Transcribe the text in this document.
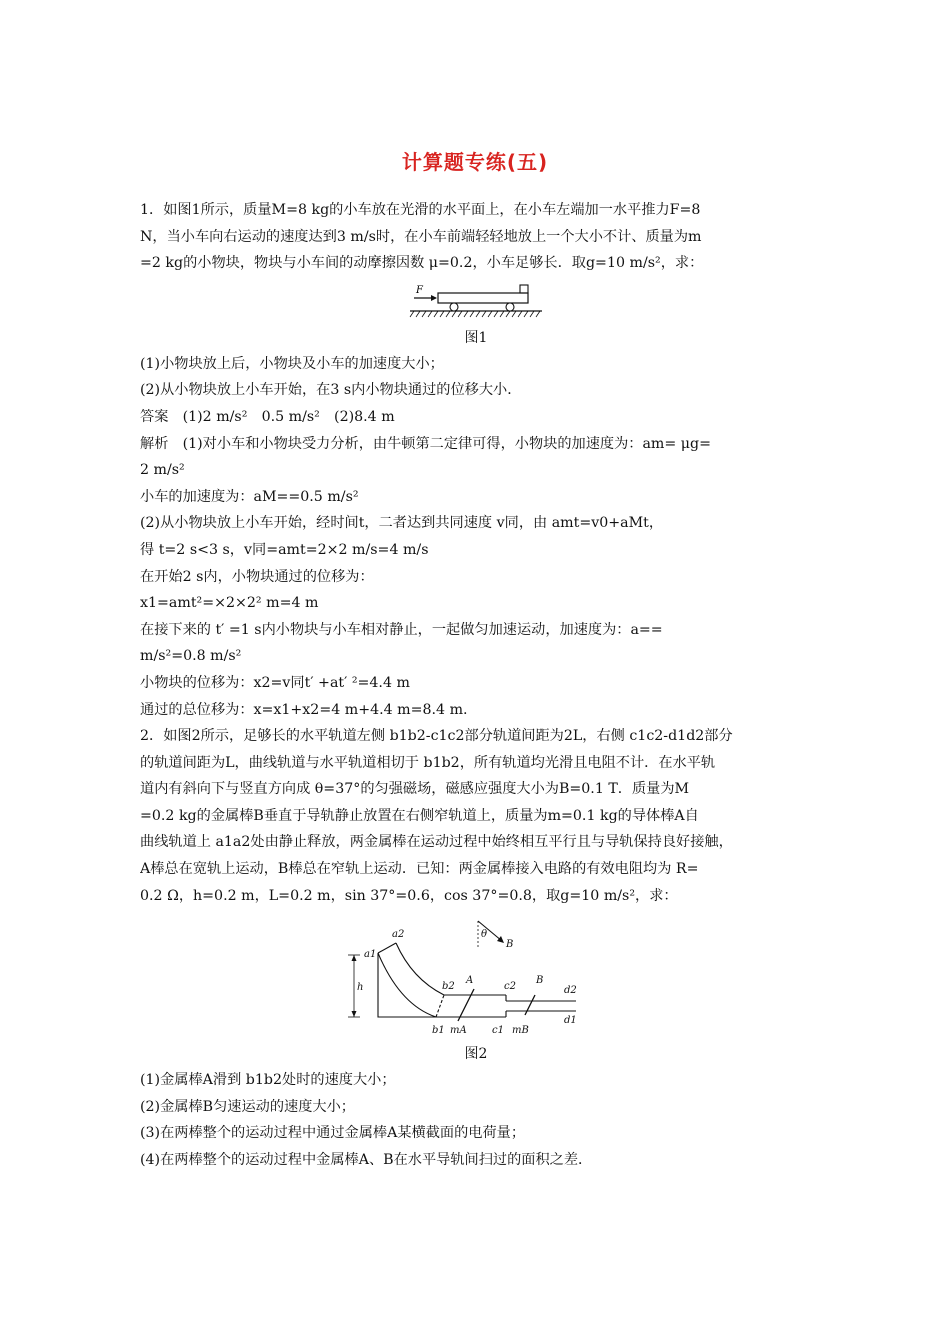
计算题专练(五)

1．如图1所示，质量M=8 kg的小车放在光滑的水平面上，在小车左端加一水平推力F=8

N，当小车向右运动的速度达到3 m/s时，在小车前端轻轻地放上一个大小不计、质量为m

=2 kg的小物块，物块与小车间的动摩擦因数 μ=0.2，小车足够长．取g=10 m/s²，求：

F
图1

(1)小物块放上后，小物块及小车的加速度大小；

(2)从小物块放上小车开始，在3 s内小物块通过的位移大小．

答案　(1)2 m/s²　0.5 m/s²　(2)8.4 m

解析　(1)对小车和小物块受力分析，由牛顿第二定律可得，小物块的加速度为：am= μg=

2 m/s²

小车的加速度为：aM==0.5 m/s²

(2)从小物块放上小车开始，经时间t，二者达到共同速度 v同，由 amt=v0+aMt，

得 t=2 s<3 s，v同=amt=2×2 m/s=4 m/s

在开始2 s内，小物块通过的位移为：

x1=amt²=×2×2² m=4 m

在接下来的 t′ =1 s内小物块与小车相对静止，一起做匀加速运动，加速度为：a==

m/s²=0.8 m/s²

小物块的位移为：x2=v同t′ +at′ ²=4.4 m

通过的总位移为：x=x1+x2=4 m+4.4 m=8.4 m.

2．如图2所示，足够长的水平轨道左侧 b1b2-c1c2部分轨道间距为2L，右侧 c1c2-d1d2部分

的轨道间距为L，曲线轨道与水平轨道相切于 b1b2，所有轨道均光滑且电阻不计．在水平轨

道内有斜向下与竖直方向成 θ=37°的匀强磁场，磁感应强度大小为B=0.1 T．质量为M

=0.2 kg的金属棒B垂直于导轨静止放置在右侧窄轨道上，质量为m=0.1 kg的导体棒A自

曲线轨道上 a1a2处由静止释放，两金属棒在运动过程中始终相互平行且与导轨保持良好接触，

A棒总在宽轨上运动，B棒总在窄轨上运动．已知：两金属棒接入电路的有效电阻均为 R=

0.2 Ω，h=0.2 m，L=0.2 m，sin 37°=0.6，cos 37°=0.8，取g=10 m/s²，求：

h
θ
B
a2
a1
b2
A
c2
B
d2
b1 mA	c1 mB
d1
图2

(1)金属棒A滑到 b1b2处时的速度大小；

(2)金属棒B匀速运动的速度大小；

(3)在两棒整个的运动过程中通过金属棒A某横截面的电荷量；

(4)在两棒整个的运动过程中金属棒A、B在水平导轨间扫过的面积之差．
